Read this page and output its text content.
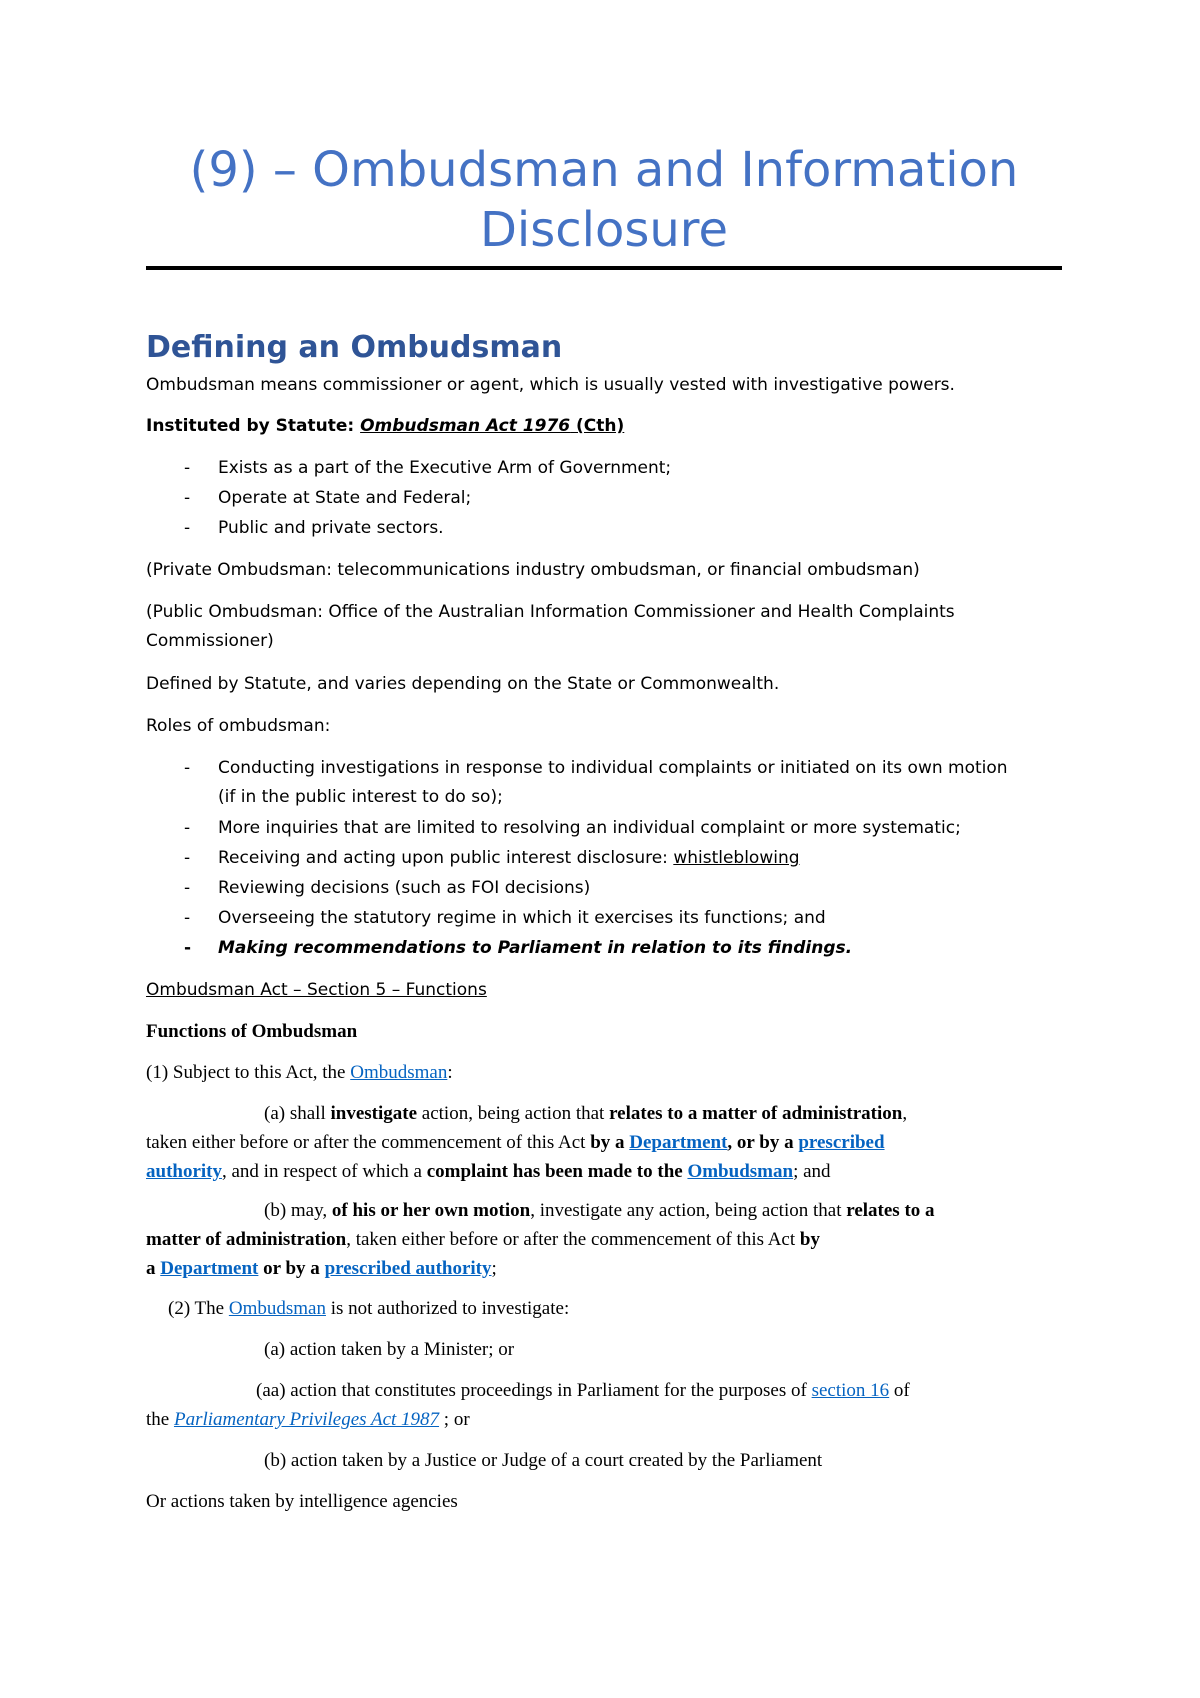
(9) – Ombudsman and Information
Disclosure
Defining an Ombudsman

Ombudsman means commissioner or agent, which is usually vested with investigative powers.

Instituted by Statute: Ombudsman Act 1976 (Cth)

-	Exists as a part of the Executive Arm of Government;
-	Operate at State and Federal;
-	Public and private sectors.

(Private Ombudsman: telecommunications industry ombudsman, or financial ombudsman)

(Public Ombudsman: Office of the Australian Information Commissioner and Health Complaints
Commissioner)

Defined by Statute, and varies depending on the State or Commonwealth.

Roles of ombudsman:

-	Conducting investigations in response to individual complaints or initiated on its own motion
(if in the public interest to do so);
-	More inquiries that are limited to resolving an individual complaint or more systematic;
-	Receiving and acting upon public interest disclosure: whistleblowing
-	Reviewing decisions (such as FOI decisions)
-	Overseeing the statutory regime in which it exercises its functions; and
-	Making recommendations to Parliament in relation to its findings.

Ombudsman Act – Section 5 – Functions

Functions of Ombudsman

(1) Subject to this Act, the Ombudsman:

(a) shall investigate action, being action that relates to a matter of administration,
taken either before or after the commencement of this Act by a Department, or by a prescribed
authority, and in respect of which a complaint has been made to the Ombudsman; and

(b) may, of his or her own motion, investigate any action, being action that relates to a
matter of administration, taken either before or after the commencement of this Act by
a Department or by a prescribed authority;

(2) The Ombudsman is not authorized to investigate:

(a) action taken by a Minister; or

(aa) action that constitutes proceedings in Parliament for the purposes of section 16 of
the Parliamentary Privileges Act 1987 ; or

(b) action taken by a Justice or Judge of a court created by the Parliament

Or actions taken by intelligence agencies
